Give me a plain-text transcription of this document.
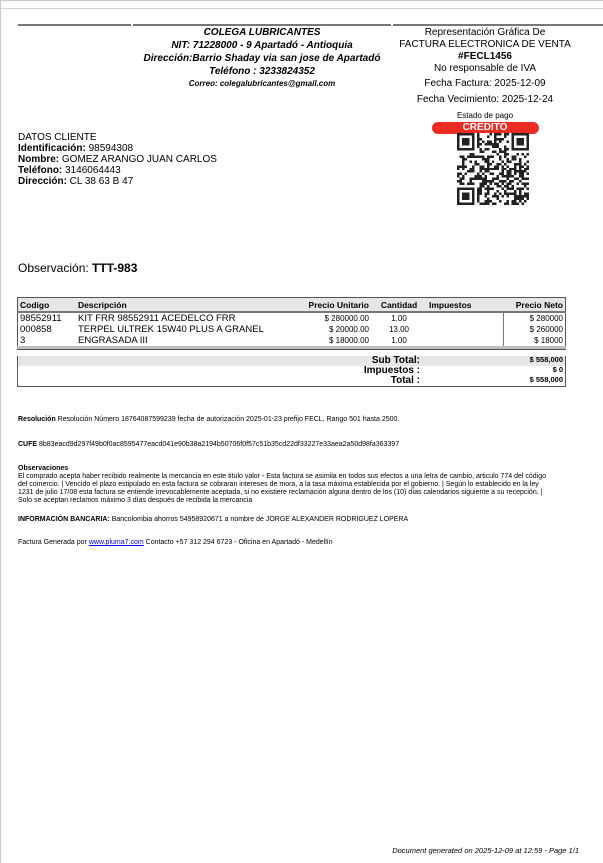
COLEGA LUBRICANTES
NIT: 71228000 - 9 Apartadó - Antioquia
Dirección:Barrio Shaday via san jose de Apartadó
Teléfono : 3233824352
Correo: colegalubricantes@gmail.com
Representación Gráfica De
FACTURA ELECTRONICA DE VENTA
#FECL1456
No responsable de IVA
Fecha Factura: 2025-12-09
Fecha Vecimiento: 2025-12-24
Estado de pago
CREDITO
DATOS CLIENTE
Identificación: 98594308
Nombre: GOMEZ ARANGO JUAN CARLOS
Teléfono: 3146064443
Dirección: CL 38 63 B 47
Observación: TTT-983
Codigo	Descripción	Precio Unitario	Cantidad	Impuestos	Precio Neto
98552911	KIT FRR 98552911 ACEDELCO FRR	$ 280000.00	1.00		$ 280000
000858	TERPEL ULTREK 15W40 PLUS A GRANEL	$ 20000.00	13.00		$ 260000
3	ENGRASADA III	$ 18000.00	1.00		$ 18000

Sub Total:	$ 558,000
Impuestos :	$ 0
Total :	$ 558,000
Resolución Resolución Número 18764087599239 fecha de autorización 2025-01-23 prefijo FECL, Rango 501 hasta 2500.
CUFE 8b83eacd9d297f49b0f0ac8595477eacd041e90b38a2194b50706f0f57c51b35cd22df33227e33aea2a50d98fa363397
Observaciones
El comprado acepta haber recibido realmente la mercancia en este titulo valor - Esta factura se asimila en todos sus efectos a una letra de cambio, articulo 774 del código
del comercio. | Vencido el plazo estipulado en esta factura se cobraran intereses de mora, a la tasa máxima establecida por el gobierno. | Según lo establecido en la ley
1231 de julio 17/08 esta factura se entiende irrevocablemente aceptada, si no existiere reclamación alguna dentro de los (10) días calendarios siguiente a su recepción. |
Solo se aceptan reclamos máximo 3 días después de recibida la mercancia
INFORMACIÓN BANCARIA: Bancolombia ahorros 54958920671 a nombre de JORGE ALEXANDER RODRIGUEZ LOPERA
Factura Generada por www.pluma7.com Contacto +57 312 294 6723 - Oficina en Apartadó - Medellín
Document generated on 2025-12-09 at 12:59 - Page 1/1
